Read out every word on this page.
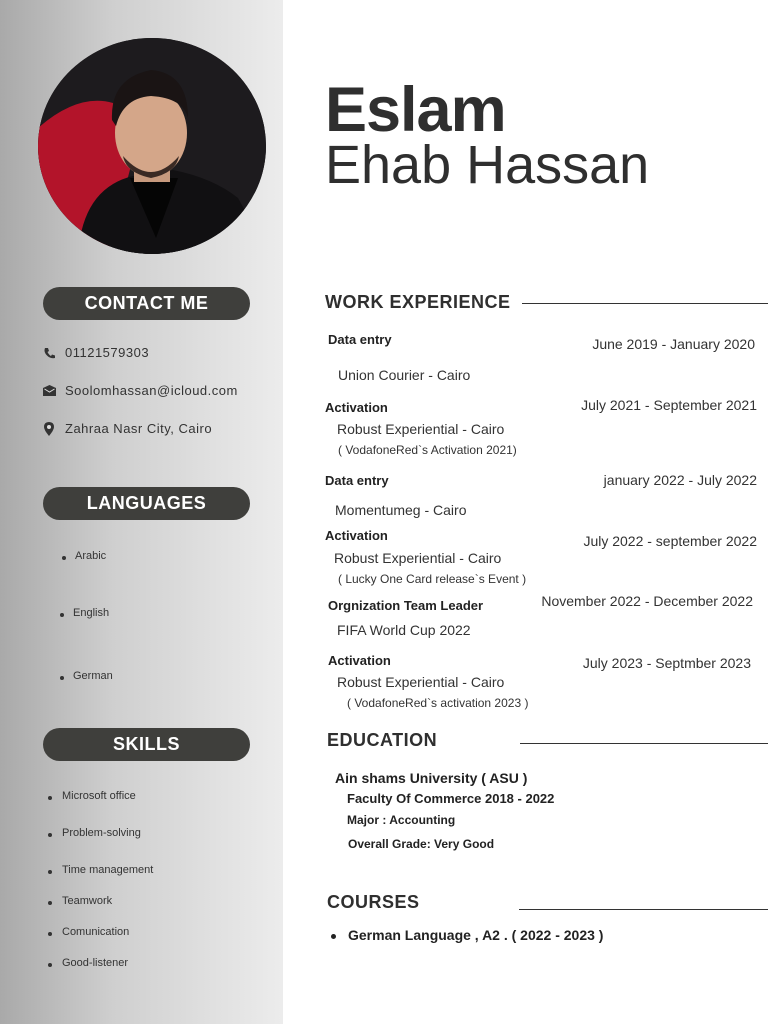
CONTACT ME
01121579303
Soolomhassan@icloud.com
Zahraa Nasr City, Cairo
LANGUAGES
Arabic
English
German
SKILLS
Microsoft office
Problem-solving
Time management
Teamwork
Comunication
Good-listener
Eslam
Ehab Hassan
WORK EXPERIENCE
Data entry	June 2019 - January 2020
Union Courier - Cairo
Activation	July 2021 - September 2021
Robust Experiential - Cairo
( VodafoneRed`s Activation 2021)
Data entry	january 2022 - July 2022
Momentumeg - Cairo
Activation	July 2022 - september 2022
Robust Experiential - Cairo
( Lucky One Card release`s Event )
Orgnization Team Leader	November 2022 - December 2022
FIFA World Cup 2022
Activation	July 2023 - Septmber 2023
Robust Experiential - Cairo
( VodafoneRed`s activation 2023 )
EDUCATION
Ain shams University ( ASU )
Faculty Of Commerce 2018 - 2022
Major : Accounting
Overall Grade: Very Good
COURSES
German Language , A2 . ( 2022 - 2023 )
